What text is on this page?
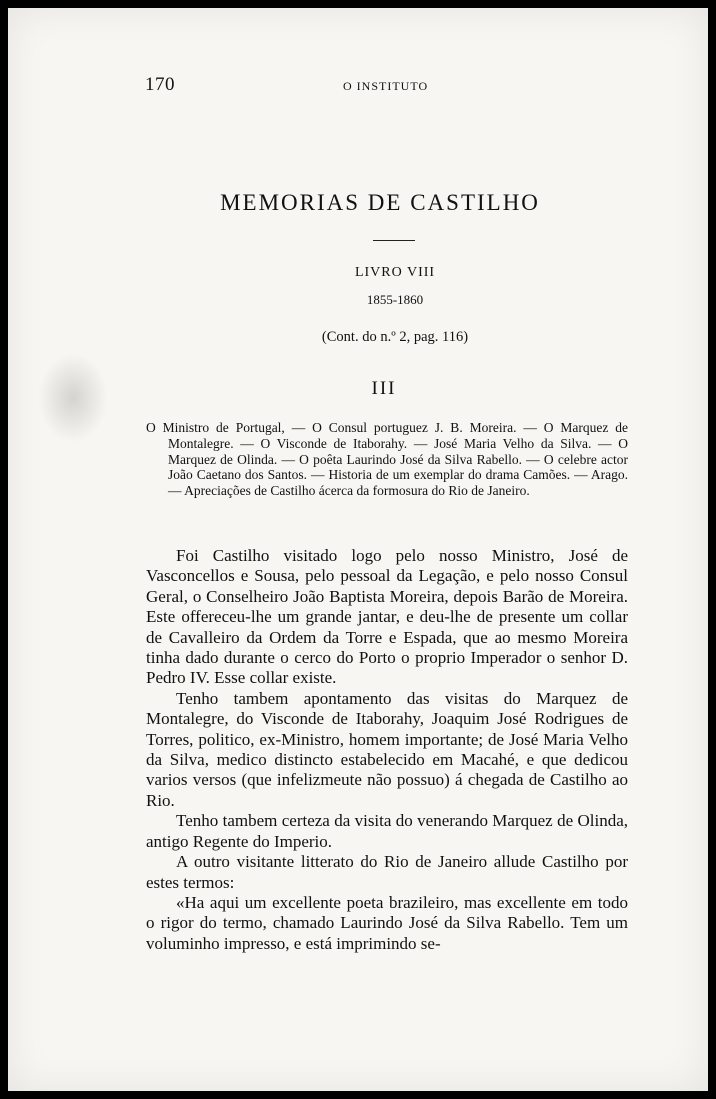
170	O INSTITUTO
MEMORIAS DE CASTILHO
LIVRO VIII
1855-1860
(Cont. do n.º 2, pag. 116)
III

O Ministro de Portugal, — O Consul portuguez J. B. Moreira. — O Marquez de Montalegre. — O Visconde de Itaborahy. — José Maria Velho da Silva. — O Marquez de Olinda. — O poêta Laurindo José da Silva Rabello. — O celebre actor João Caetano dos Santos. — Historia de um exemplar do drama Camões. — Arago. — Apreciações de Castilho ácerca da formosura do Rio de Janeiro.

Foi Castilho visitado logo pelo nosso Ministro, José de Vasconcellos e Sousa, pelo pessoal da Legação, e pelo nosso Consul Geral, o Conselheiro João Baptista Moreira, depois Barão de Moreira. Este offereceu-lhe um grande jantar, e deu-lhe de presente um collar de Cavalleiro da Ordem da Torre e Espada, que ao mesmo Moreira tinha dado durante o cerco do Porto o proprio Imperador o senhor D. Pedro IV. Esse collar existe.

Tenho tambem apontamento das visitas do Marquez de Montalegre, do Visconde de Itaborahy, Joaquim José Rodrigues de Torres, politico, ex-Ministro, homem importante; de José Maria Velho da Silva, medico distincto estabelecido em Macahé, e que dedicou varios versos (que infelizmeute não possuo) á chegada de Castilho ao Rio.

Tenho tambem certeza da visita do venerando Marquez de Olinda, antigo Regente do Imperio.

A outro visitante litterato do Rio de Janeiro allude Castilho por estes termos:

«Ha aqui um excellente poeta brazileiro, mas excellente em todo o rigor do termo, chamado Laurindo José da Silva Rabello. Tem um voluminho impresso, e está imprimindo se-
